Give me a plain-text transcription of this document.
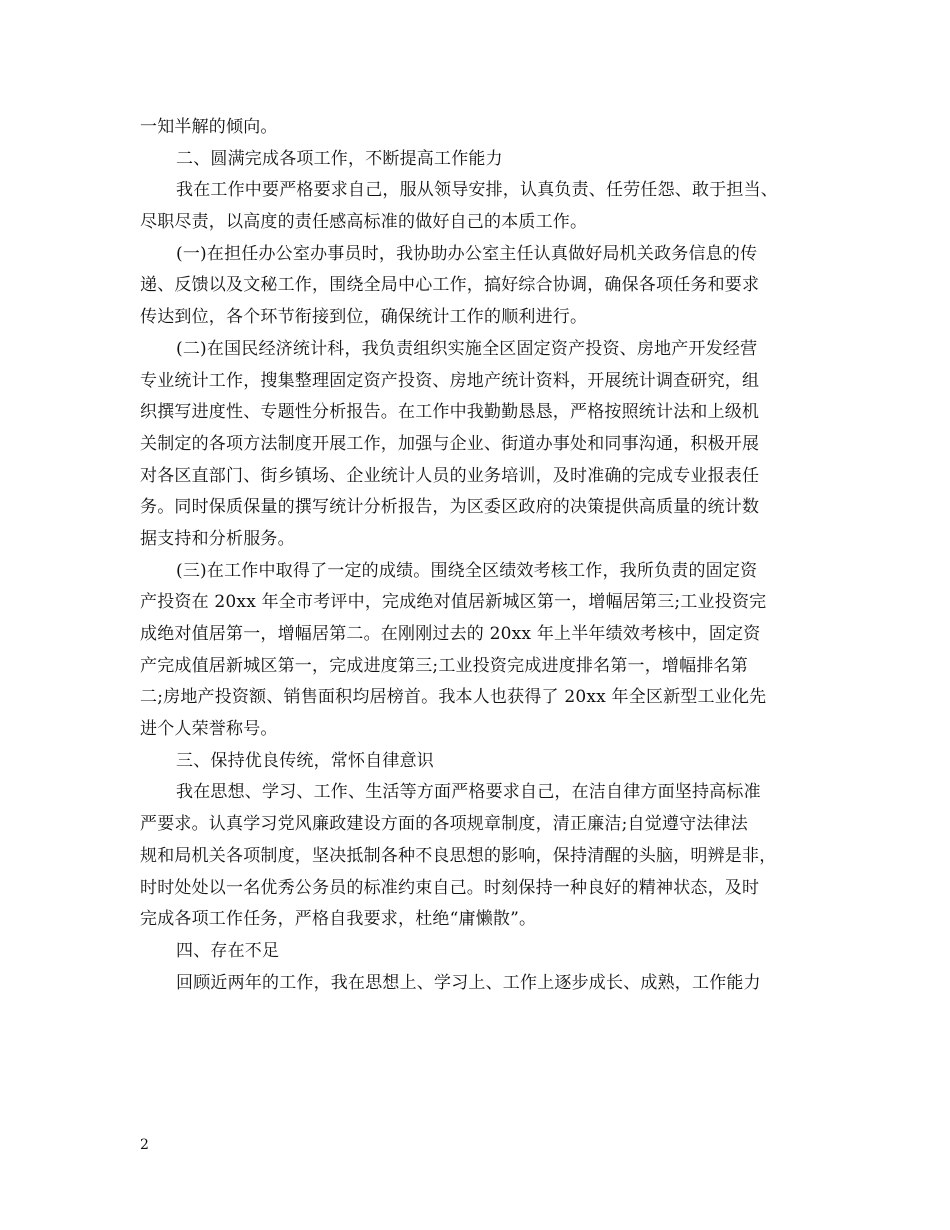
一知半解的倾向。
二、圆满完成各项工作，不断提高工作能力
我在工作中要严格要求自己，服从领导安排，认真负责、任劳任怨、敢于担当、
尽职尽责，以高度的责任感高标准的做好自己的本质工作。
(一)在担任办公室办事员时，我协助办公室主任认真做好局机关政务信息的传
递、反馈以及文秘工作，围绕全局中心工作，搞好综合协调，确保各项任务和要求
传达到位，各个环节衔接到位，确保统计工作的顺利进行。
(二)在国民经济统计科，我负责组织实施全区固定资产投资、房地产开发经营
专业统计工作，搜集整理固定资产投资、房地产统计资料，开展统计调查研究，组
织撰写进度性、专题性分析报告。在工作中我勤勤恳恳，严格按照统计法和上级机
关制定的各项方法制度开展工作，加强与企业、街道办事处和同事沟通，积极开展
对各区直部门、街乡镇场、企业统计人员的业务培训，及时准确的完成专业报表任
务。同时保质保量的撰写统计分析报告，为区委区政府的决策提供高质量的统计数
据支持和分析服务。
(三)在工作中取得了一定的成绩。围绕全区绩效考核工作，我所负责的固定资
产投资在 20xx 年全市考评中，完成绝对值居新城区第一，增幅居第三;工业投资完
成绝对值居第一，增幅居第二。在刚刚过去的 20xx 年上半年绩效考核中，固定资
产完成值居新城区第一，完成进度第三;工业投资完成进度排名第一，增幅排名第
二;房地产投资额、销售面积均居榜首。我本人也获得了 20xx 年全区新型工业化先
进个人荣誉称号。
三、保持优良传统，常怀自律意识
我在思想、学习、工作、生活等方面严格要求自己，在洁自律方面坚持高标准
严要求。认真学习党风廉政建设方面的各项规章制度，清正廉洁;自觉遵守法律法
规和局机关各项制度，坚决抵制各种不良思想的影响，保持清醒的头脑，明辨是非，
时时处处以一名优秀公务员的标准约束自己。时刻保持一种良好的精神状态，及时
完成各项工作任务，严格自我要求，杜绝“庸懒散”。
四、存在不足
回顾近两年的工作，我在思想上、学习上、工作上逐步成长、成熟，工作能力
2
